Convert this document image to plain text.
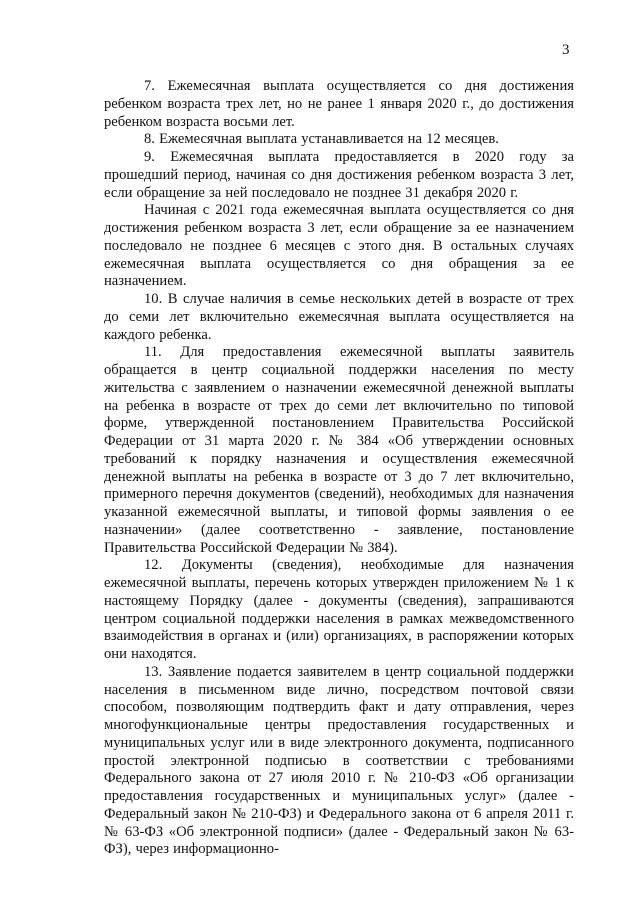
3

7. Ежемесячная выплата осуществляется со дня достижения ребенком возраста трех лет, но не ранее 1 января 2020 г., до достижения ребенком возраста восьми лет.

8. Ежемесячная выплата устанавливается на 12 месяцев.

9. Ежемесячная выплата предоставляется в 2020 году за прошедший период, начиная со дня достижения ребенком возраста 3 лет, если обращение за ней последовало не позднее 31 декабря 2020 г.

Начиная с 2021 года ежемесячная выплата осуществляется со дня достижения ребенком возраста 3 лет, если обращение за ее назначением последовало не позднее 6 месяцев с этого дня. В остальных случаях ежемесячная выплата осуществляется со дня обращения за ее назначением.

10. В случае наличия в семье нескольких детей в возрасте от трех до семи лет включительно ежемесячная выплата осуществляется на каждого ребенка.

11. Для предоставления ежемесячной выплаты заявитель обращается в центр социальной поддержки населения по месту жительства с заявлением о назначении ежемесячной денежной выплаты на ребенка в возрасте от трех до семи лет включительно по типовой форме, утвержденной постановлением Правительства Российской Федерации от 31 марта 2020 г. № 384 «Об утверждении основных требований к порядку назначения и осуществления ежемесячной денежной выплаты на ребенка в возрасте от 3 до 7 лет включительно, примерного перечня документов (сведений), необходимых для назначения указанной ежемесячной выплаты, и типовой формы заявления о ее назначении» (далее соответственно - заявление, постановление Правительства Российской Федерации № 384).

12. Документы (сведения), необходимые для назначения ежемесячной выплаты, перечень которых утвержден приложением № 1 к настоящему Порядку (далее - документы (сведения), запрашиваются центром социальной поддержки населения в рамках межведомственного взаимодействия в органах и (или) организациях, в распоряжении которых они находятся.

13. Заявление подается заявителем в центр социальной поддержки населения в письменном виде лично, посредством почтовой связи способом, позволяющим подтвердить факт и дату отправления, через многофункциональные центры предоставления государственных и муниципальных услуг или в виде электронного документа, подписанного простой электронной подписью в соответствии с требованиями Федерального закона от 27 июля 2010 г. № 210-ФЗ «Об организации предоставления государственных и муниципальных услуг» (далее - Федеральный закон № 210-ФЗ) и Федерального закона от 6 апреля 2011 г. № 63-ФЗ «Об электронной подписи» (далее - Федеральный закон № 63-ФЗ), через информационно-
